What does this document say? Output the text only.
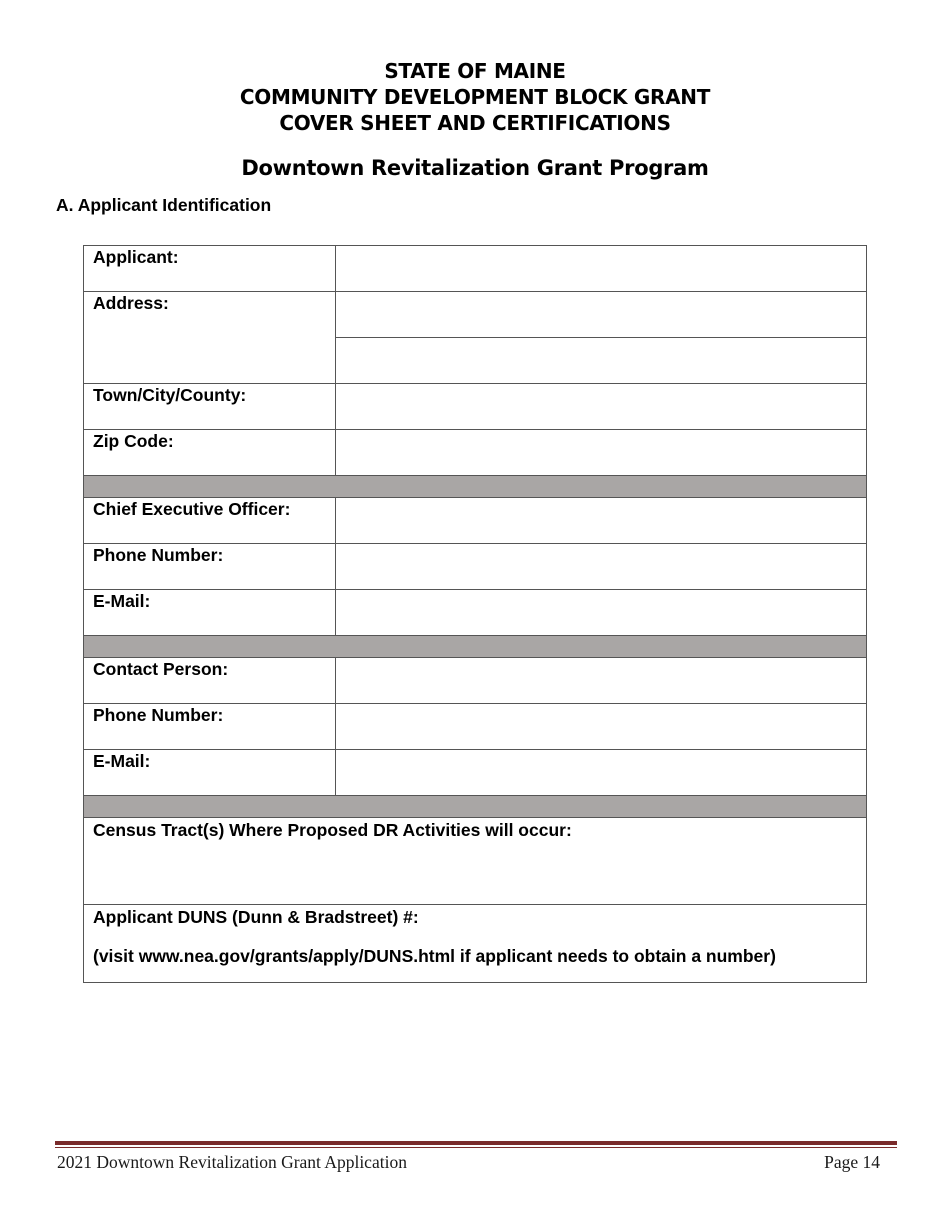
STATE OF MAINE
COMMUNITY DEVELOPMENT BLOCK GRANT
COVER SHEET AND CERTIFICATIONS
Downtown Revitalization Grant Program
A. Applicant Identification
Applicant:	
Address:	

Town/City/County:	
Zip Code:	

Chief Executive Officer:	
Phone Number:	
E-Mail:	

Contact Person:	
Phone Number:	
E-Mail:	

Census Tract(s) Where Proposed DR Activities will occur:	

Applicant DUNS (Dunn & Bradstreet) #:
(visit www.nea.gov/grants/apply/DUNS.html if applicant needs to obtain a number)	
2021 Downtown Revitalization Grant Application	Page 14
